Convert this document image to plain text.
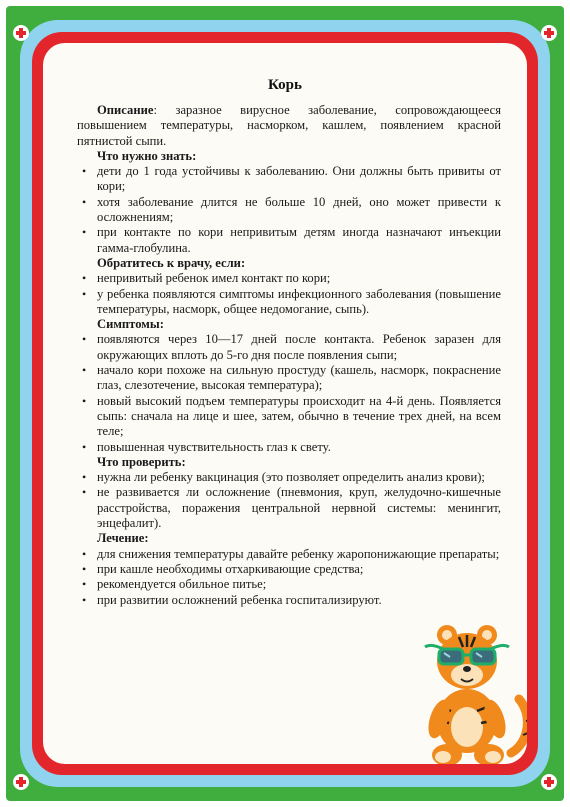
Корь

Описание: заразное вирусное заболевание, сопровождающееся повышением температуры, насморком, кашлем, появлением красной пятнистой сыпи.

Что нужно знать:
• дети до 1 года устойчивы к заболеванию. Они должны быть привиты от кори;
• хотя заболевание длится не больше 10 дней, оно может привести к осложнениям;
• при контакте по кори непривитым детям иногда назначают инъекции гамма-глобулина.
Обратитесь к врачу, если:
• непривитый ребенок имел контакт по кори;
• у ребенка появляются симптомы инфекционного заболевания (повышение температуры, насморк, общее недомогание, сыпь).
Симптомы:
• появляются через 10—17 дней после контакта. Ребенок заразен для окружающих вплоть до 5-го дня после появления сыпи;
• начало кори похоже на сильную простуду (кашель, насморк, покраснение глаз, слезотечение, высокая температура);
• новый высокий подъем температуры происходит на 4-й день. Появляется сыпь: сначала на лице и шее, затем, обычно в течение трех дней, на всем теле;
• повышенная чувствительность глаз к свету.
Что проверить:
• нужна ли ребенку вакцинация (это позволяет определить анализ крови);
• не развивается ли осложнение (пневмония, круп, желудочно-кишечные расстройства, поражения центральной нервной системы: менингит, энцефалит).
Лечение:
• для снижения температуры давайте ребенку жаропонижающие препараты;
• при кашле необходимы отхаркивающие средства;
• рекомендуется обильное питье;
• при развитии осложнений ребенка госпитализируют.
